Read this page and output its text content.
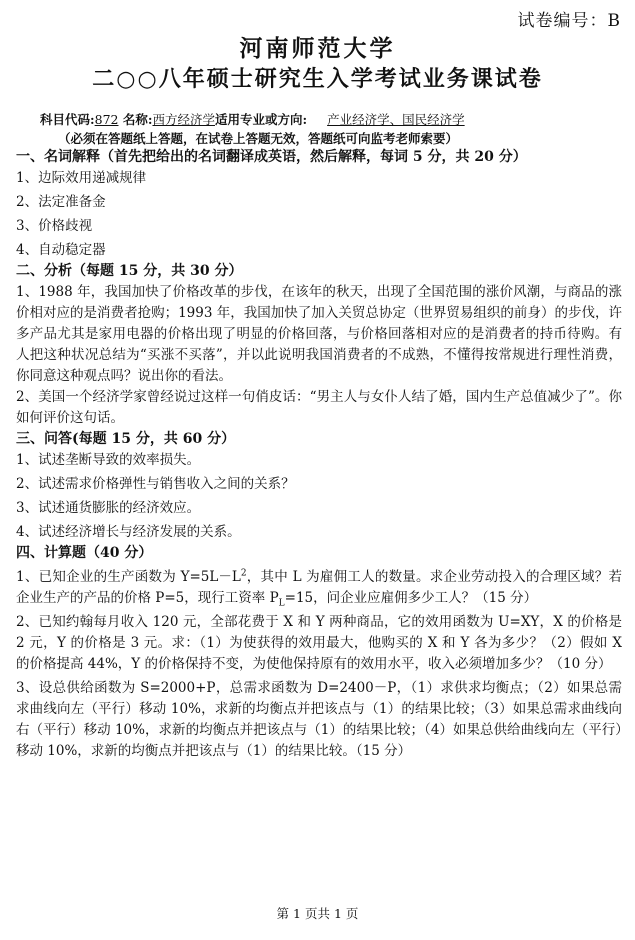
试卷编号：B
河南师范大学
二○○八年硕士研究生入学考试业务课试卷
科目代码:872 名称:西方经济学适用专业或方向: 产业经济学、国民经济学
（必须在答题纸上答题，在试卷上答题无效，答题纸可向监考老师索要）

一、名词解释（首先把给出的名词翻译成英语，然后解释，每词 5 分，共 20 分）

1、边际效用递减规律

2、法定准备金

3、价格歧视

4、自动稳定器

二、分析（每题 15 分，共 30 分）

1、1988 年，我国加快了价格改革的步伐，在该年的秋天，出现了全国范围的涨价风潮，与商品的涨价相对应的是消费者抢购；1993 年，我国加快了加入关贸总协定（世界贸易组织的前身）的步伐，许多产品尤其是家用电器的价格出现了明显的价格回落，与价格回落相对应的是消费者的持币待购。有人把这种状况总结为“买涨不买落”，并以此说明我国消费者的不成熟，不懂得按常规进行理性消费，你同意这种观点吗？说出你的看法。

2、美国一个经济学家曾经说过这样一句俏皮话：“男主人与女仆人结了婚，国内生产总值减少了”。你如何评价这句话。

三、问答(每题 15 分，共 60 分）

1、试述垄断导致的效率损失。

2、试述需求价格弹性与销售收入之间的关系？

3、试述通货膨胀的经济效应。

4、试述经济增长与经济发展的关系。

四、计算题（40 分）

1、已知企业的生产函数为 $Y=5L-L^2$，其中 L 为雇佣工人的数量。求企业劳动投入的合理区域？若企业生产的产品的价格 P=5，现行工资率 $P_L=15$，问企业应雇佣多少工人？（15 分）

2、已知约翰每月收入 120 元，全部花费于 X 和 Y 两种商品，它的效用函数为 U=XY，X 的价格是 2 元，Y 的价格是 3 元。求：（1）为使获得的效用最大，他购买的 X 和 Y 各为多少？（2）假如 X 的价格提高 44%，Y 的价格保持不变，为使他保持原有的效用水平，收入必须增加多少？（10 分）

3、设总供给函数为 S=2000+P，总需求函数为 D=2400－P，（1）求供求均衡点；（2）如果总需求曲线向左（平行）移动 10%，求新的均衡点并把该点与（1）的结果比较；（3）如果总需求曲线向右（平行）移动 10%，求新的均衡点并把该点与（1）的结果比较；（4）如果总供给曲线向左（平行）移动 10%，求新的均衡点并把该点与（1）的结果比较。（15 分）

第 1 页共 1 页
